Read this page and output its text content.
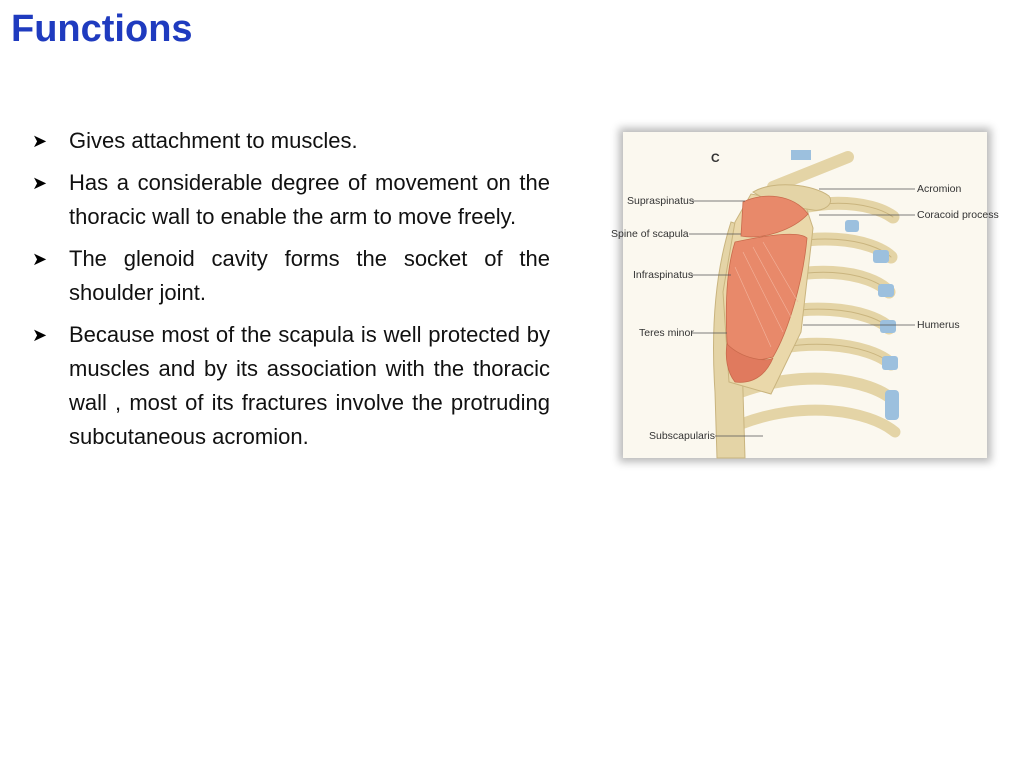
Functions
➤ Gives attachment to muscles.
➤ Has a considerable degree of movement on the thoracic wall to enable the arm to move freely.
➤ The glenoid cavity forms the socket of the shoulder joint.
➤ Because most of the scapula is well protected by muscles and by its association with the thoracic wall , most of its fractures involve the protruding subcutaneous acromion.
C
Supraspinatus
Spine of scapula
Infraspinatus
Teres minor
Subscapularis
Acromion
Coracoid process
Humerus
